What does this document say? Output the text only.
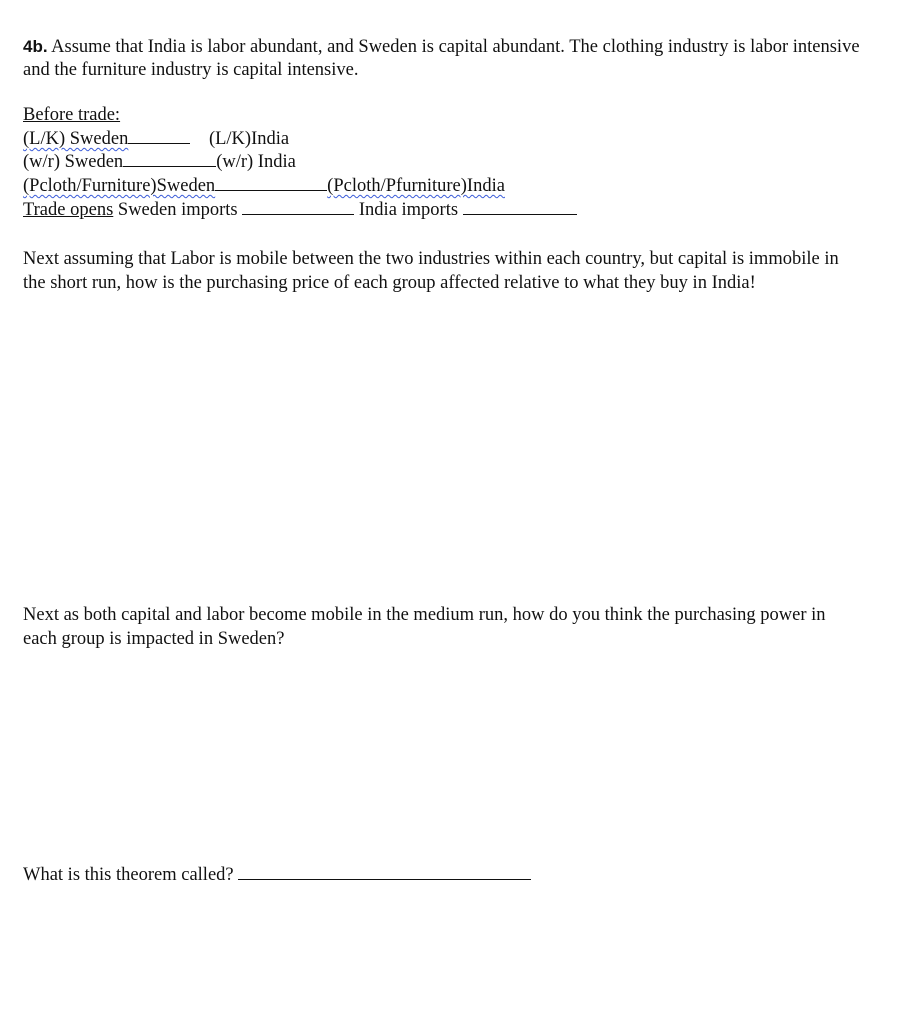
4b. Assume that India is labor abundant, and Sweden is capital abundant. The clothing industry is labor intensive and the furniture industry is capital intensive.
Before trade:
(L/K) Sweden	(L/K)India
(w/r) Sweden	(w/r) India
(Pcloth/Furniture)Sweden	(Pcloth/Pfurniture)India
Trade opens Sweden imports	India imports
Next assuming that Labor is mobile between the two industries within each country, but capital is immobile in the short run, how is the purchasing price of each group affected relative to what they buy in India!
Next as both capital and labor become mobile in the medium run, how do you think the purchasing power in each group is impacted in Sweden?
What is this theorem called?
